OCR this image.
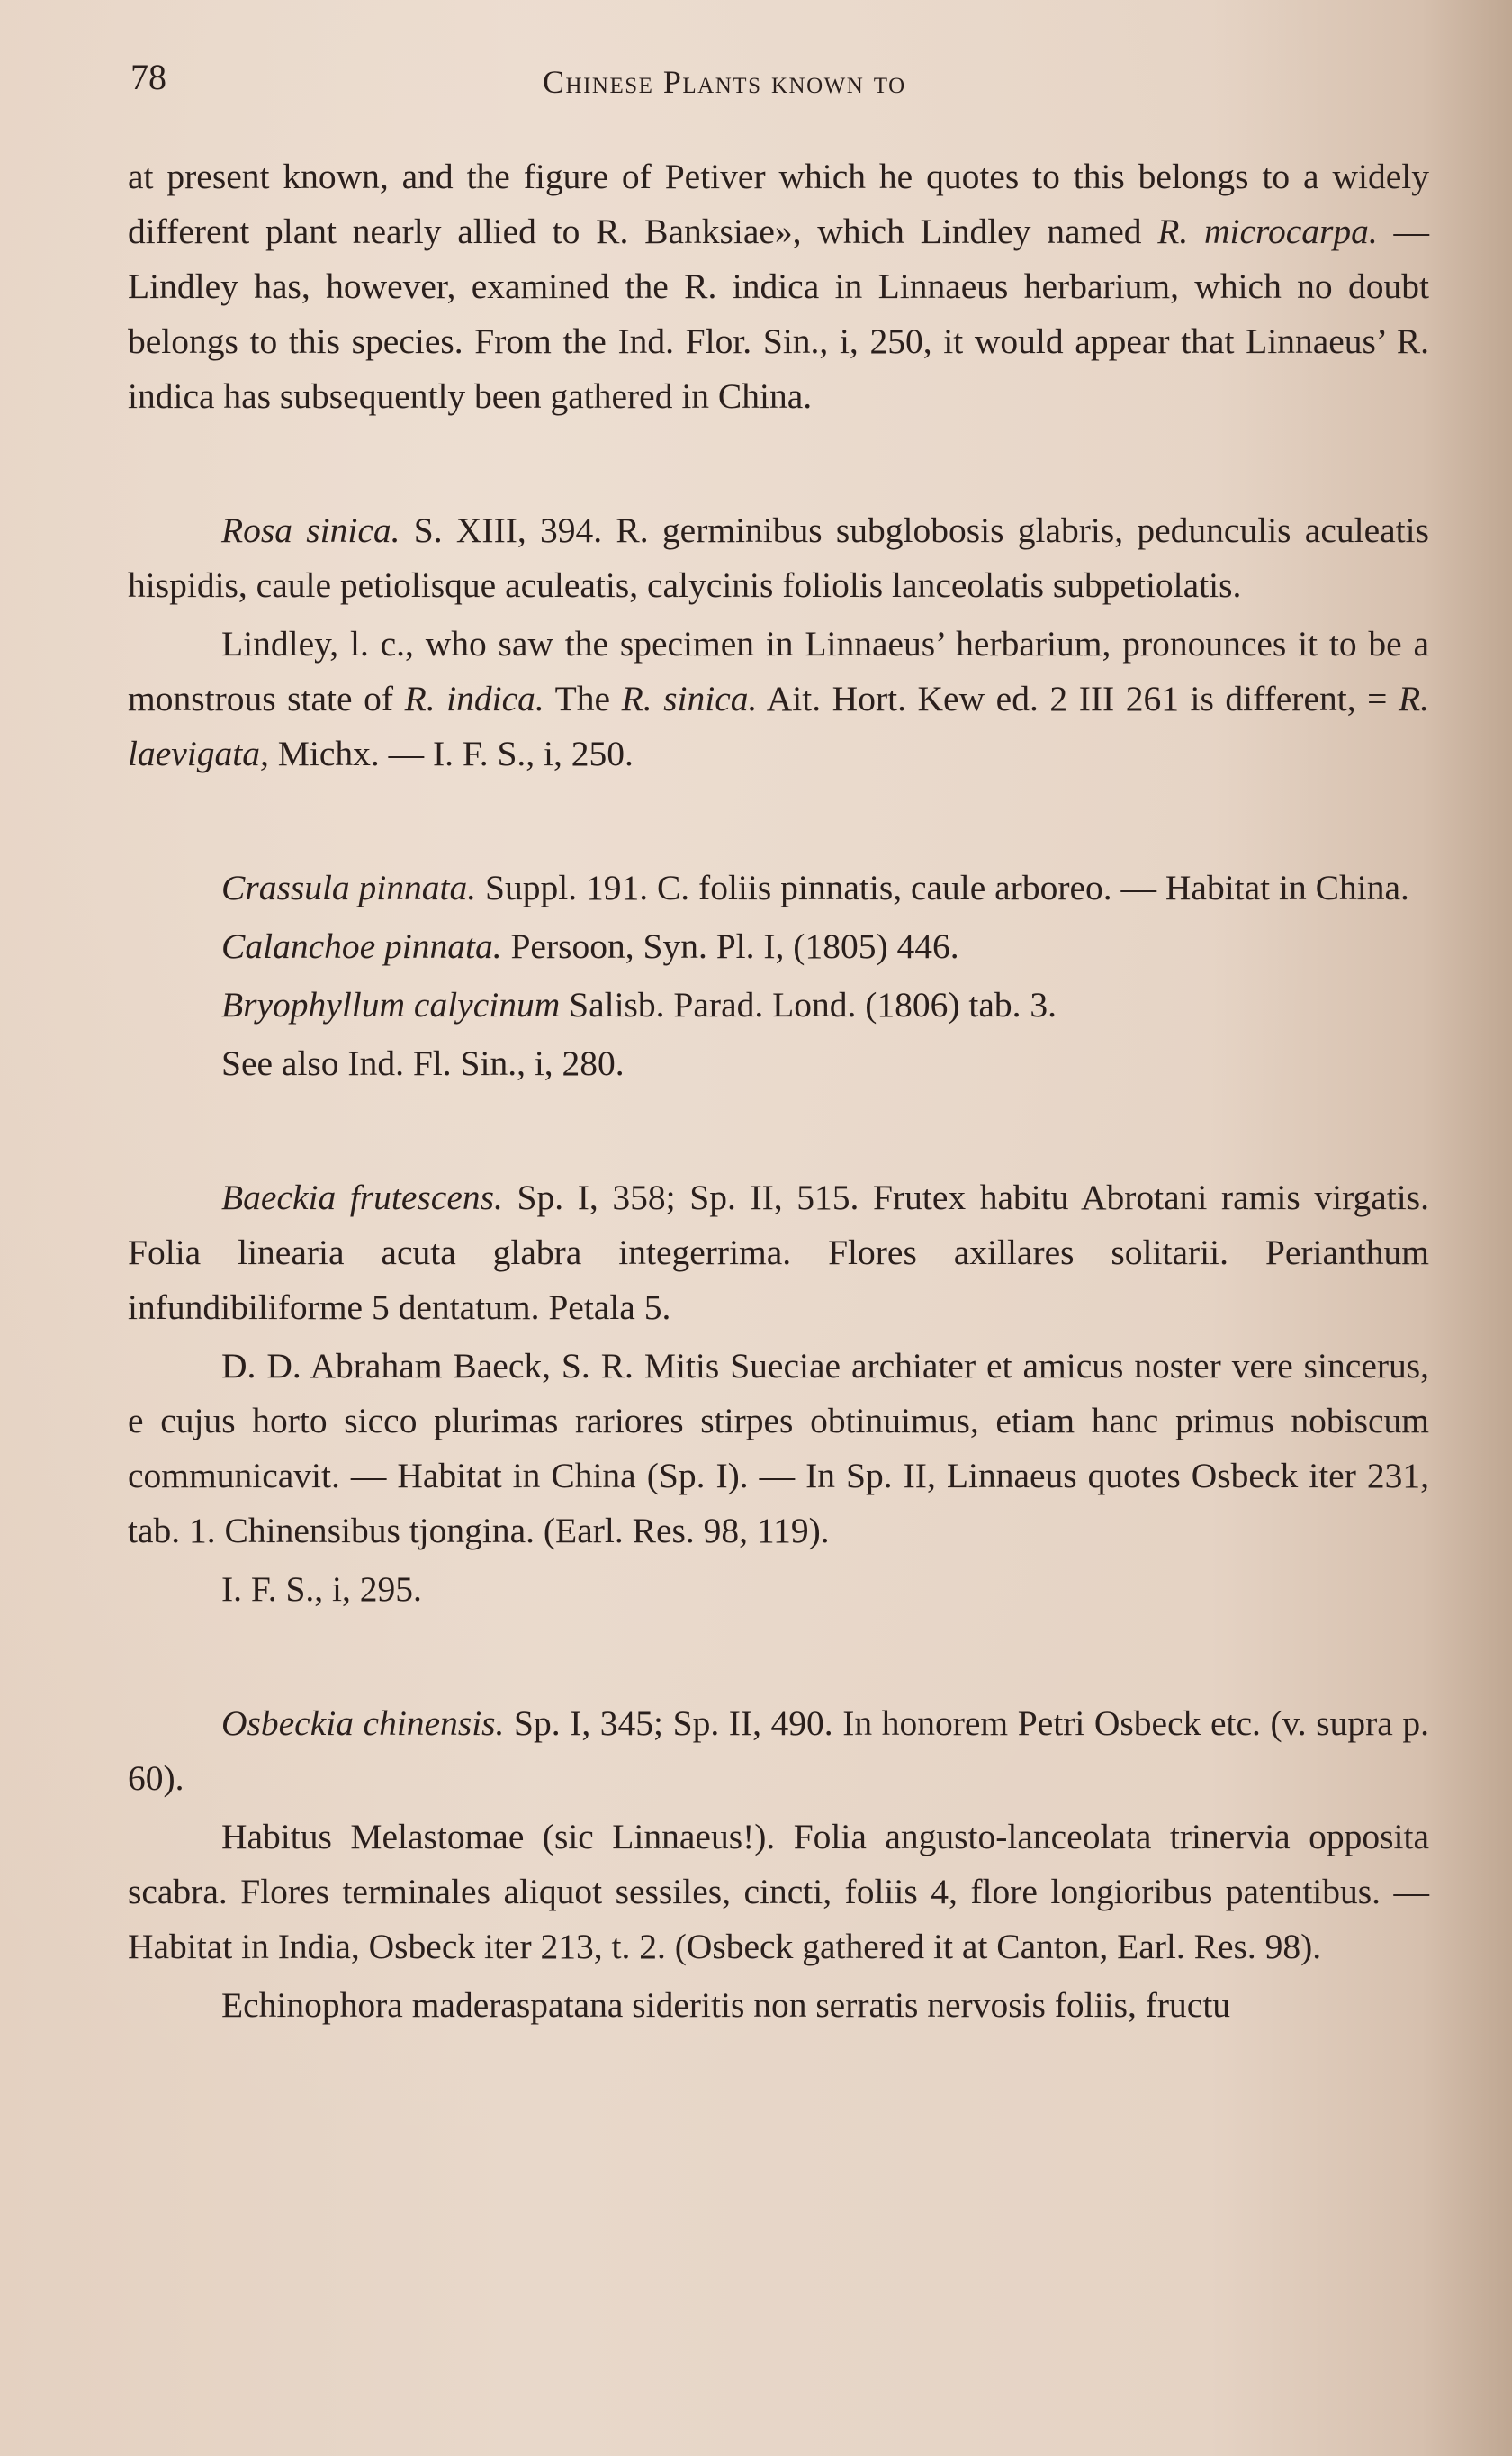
78	Chinese Plants known to

at present known, and the figure of Petiver which he quotes to this belongs to a widely different plant nearly allied to R. Banksiae», which Lindley named R. microcarpa. — Lindley has, however, examined the R. indica in Linnaeus herbarium, which no doubt belongs to this species. From the Ind. Flor. Sin., i, 250, it would appear that Linnaeus’ R. indica has subsequently been gathered in China.

Rosa sinica. S. XIII, 394. R. germinibus subglobosis glabris, pedunculis aculeatis hispidis, caule petiolisque aculeatis, calycinis foliolis lanceolatis subpetiolatis.

Lindley, l. c., who saw the specimen in Linnaeus’ herbarium, pronounces it to be a monstrous state of R. indica. The R. sinica. Ait. Hort. Kew ed. 2 III 261 is different, = R. laevigata, Michx. — I. F. S., i, 250.

Crassula pinnata. Suppl. 191. C. foliis pinnatis, caule arboreo. — Habitat in China.

Calanchoe pinnata. Persoon, Syn. Pl. I, (1805) 446.

Bryophyllum calycinum Salisb. Parad. Lond. (1806) tab. 3.

See also Ind. Fl. Sin., i, 280.

Baeckia frutescens. Sp. I, 358; Sp. II, 515. Frutex habitu Abrotani ramis virgatis. Folia linearia acuta glabra integerrima. Flores axillares solitarii. Perianthum infundibiliforme 5 dentatum. Petala 5.

D. D. Abraham Baeck, S. R. Mitis Sueciae archiater et amicus noster vere sincerus, e cujus horto sicco plurimas rariores stirpes obtinuimus, etiam hanc primus nobiscum communicavit. — Habitat in China (Sp. I). — In Sp. II, Linnaeus quotes Osbeck iter 231, tab. 1. Chinensibus tjongina. (Earl. Res. 98, 119).

I. F. S., i, 295.

Osbeckia chinensis. Sp. I, 345; Sp. II, 490. In honorem Petri Osbeck etc. (v. supra p. 60).

Habitus Melastomae (sic Linnaeus!). Folia angusto-lanceolata trinervia opposita scabra. Flores terminales aliquot sessiles, cincti, foliis 4, flore longioribus patentibus. — Habitat in India, Osbeck iter 213, t. 2. (Osbeck gathered it at Canton, Earl. Res. 98).

Echinophora maderaspatana sideritis non serratis nervosis foliis, fructu
